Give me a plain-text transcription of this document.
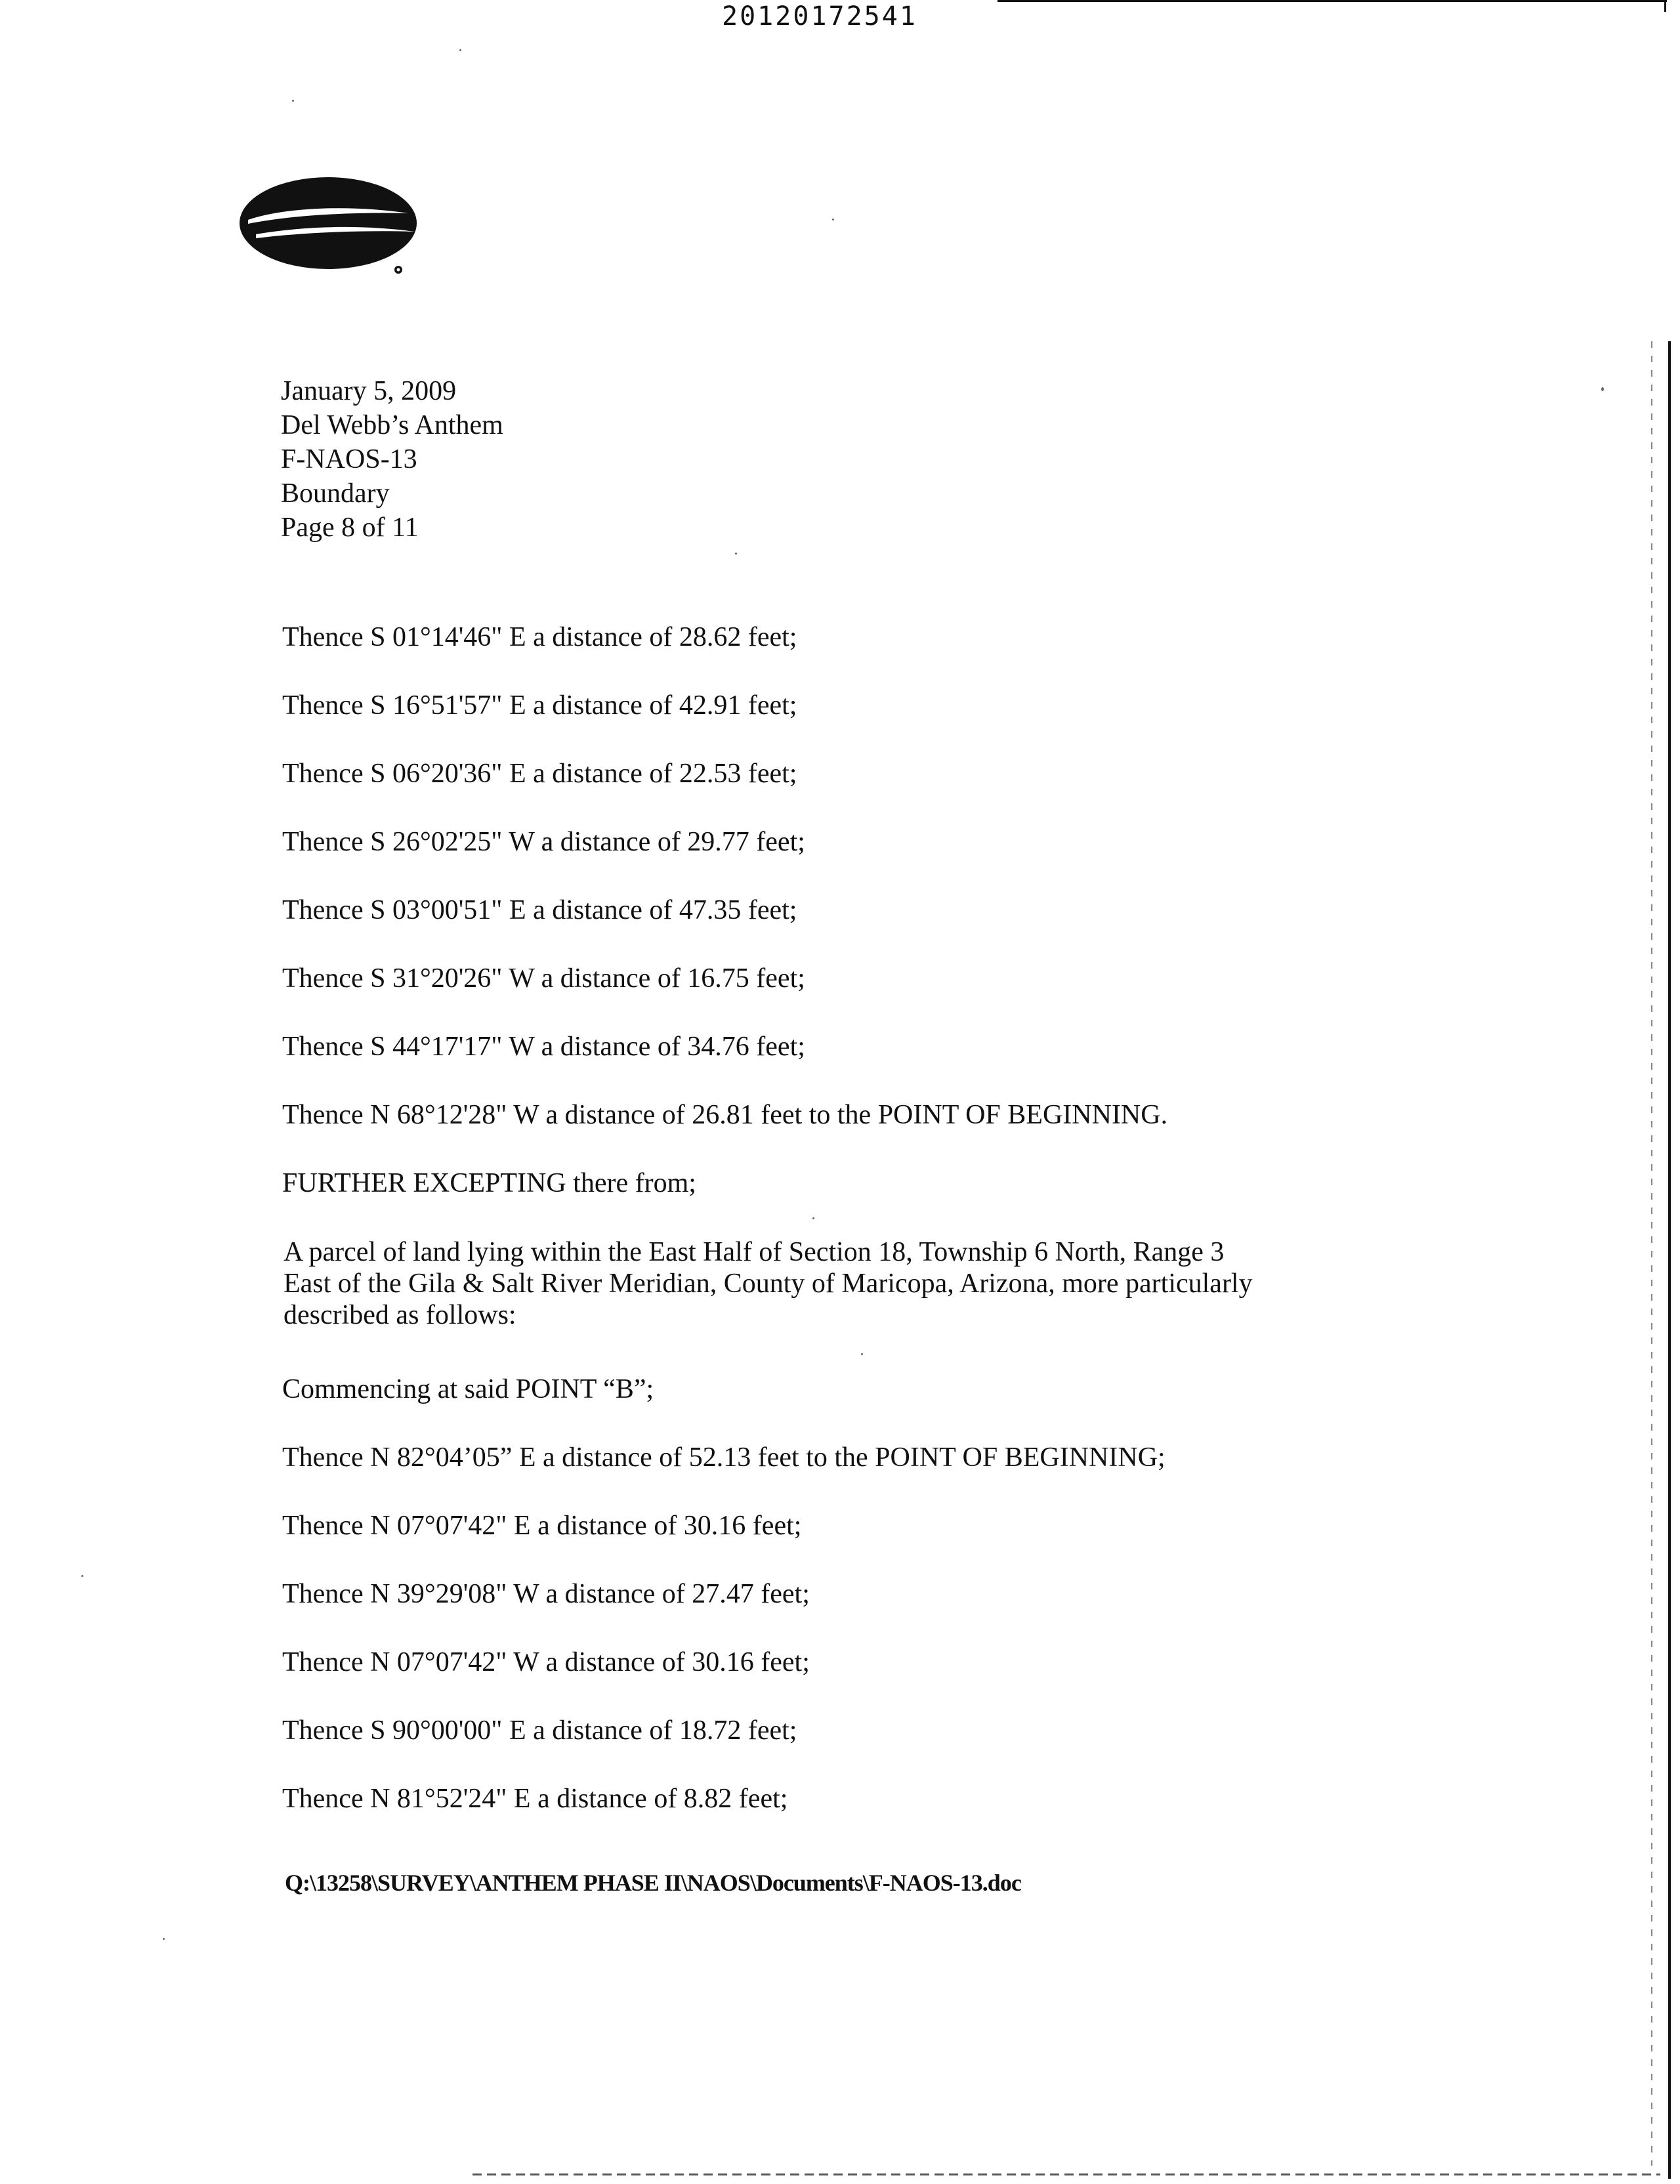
20120172541
January 5, 2009
Del Webb’s Anthem
F-NAOS-13
Boundary
Page 8 of 11
Thence S 01°14'46" E a distance of 28.62 feet;
Thence S 16°51'57" E a distance of 42.91 feet;
Thence S 06°20'36" E a distance of 22.53 feet;
Thence S 26°02'25" W a distance of 29.77 feet;
Thence S 03°00'51" E a distance of 47.35 feet;
Thence S 31°20'26" W a distance of 16.75 feet;
Thence S 44°17'17" W a distance of 34.76 feet;
Thence N 68°12'28" W a distance of 26.81 feet to the POINT OF BEGINNING.
FURTHER EXCEPTING there from;
A parcel of land lying within the East Half of Section 18, Township 6 North, Range 3
East of the Gila & Salt River Meridian, County of Maricopa, Arizona, more particularly
described as follows:
Commencing at said POINT “B”;
Thence N 82°04’05” E a distance of 52.13 feet to the POINT OF BEGINNING;
Thence N 07°07'42" E a distance of 30.16 feet;
Thence N 39°29'08" W a distance of 27.47 feet;
Thence N 07°07'42" W a distance of 30.16 feet;
Thence S 90°00'00" E a distance of 18.72 feet;
Thence N 81°52'24" E a distance of 8.82 feet;
Q:\13258\SURVEY\ANTHEM PHASE II\NAOS\Documents\F-NAOS-13.doc
